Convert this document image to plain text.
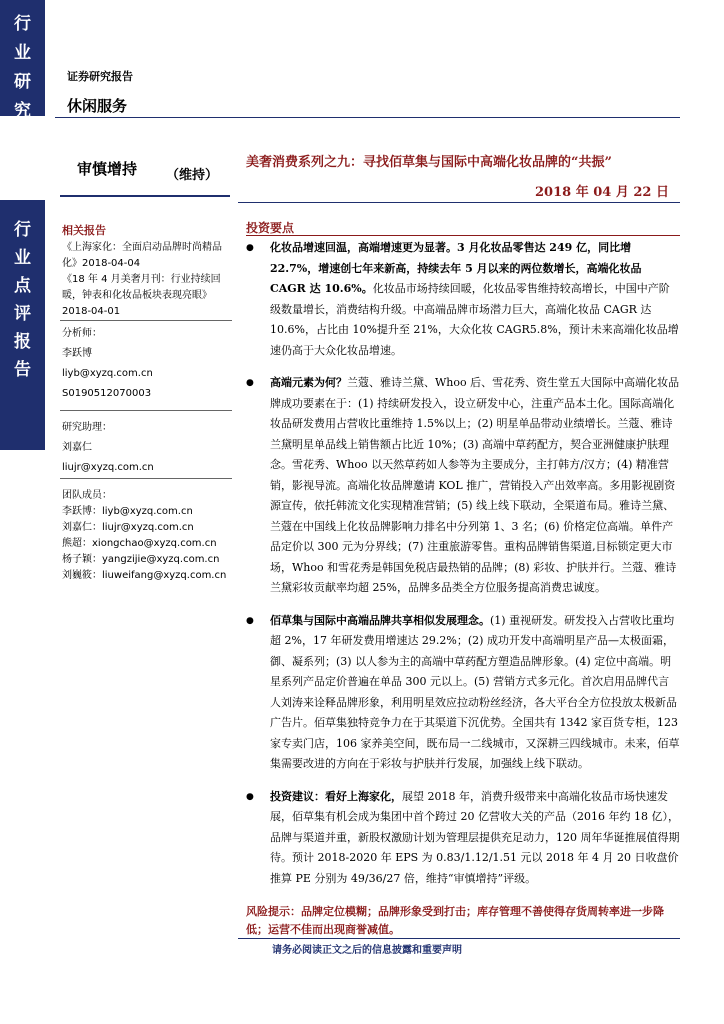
行
业
研
究
行
业
点
评
报
告
证券研究报告
休闲服务
审慎增持 （维持）
美奢消费系列之九：寻找佰草集与国际中高端化妆品牌的“共振”
2018 年 04 月 22 日
相关报告
《上海家化：全面启动品牌时尚精品化》2018-04-04
《18 年 4 月美奢月刊：行业持续回暖，钟表和化妆品板块表现亮眼》2018-04-01
分析师：
李跃博
liyb@xyzq.com.cn
S0190512070003
研究助理：
刘嘉仁
liujr@xyzq.com.cn
团队成员：
李跃博：liyb@xyzq.com.cn
刘嘉仁：liujr@xyzq.com.cn
熊超：xiongchao@xyzq.com.cn
杨子颖：yangzijie@xyzq.com.cn
刘巍筱：liuweifang@xyzq.com.cn
投资要点
● 化妆品增速回温，高端增速更为显著。3 月化妆品零售达 249 亿，同比增 22.7%，增速创七年来新高，持续去年 5 月以来的两位数增长，高端化妆品 CAGR 达 10.6%。化妆品市场持续回暖，化妆品零售维持较高增长，中国中产阶级数量增长，消费结构升级。中高端品牌市场潜力巨大，高端化妆品 CAGR 达 10.6%，占比由 10%提升至 21%，大众化妆 CAGR5.8%，预计未来高端化妆品增速仍高于大众化妆品增速。
● 高端元素为何？兰蔻、雅诗兰黛、Whoo 后、雪花秀、资生堂五大国际中高端化妆品牌成功要素在于：(1) 持续研发投入，设立研发中心，注重产品本土化。国际高端化妆品研发费用占营收比重维持 1.5%以上；(2) 明星单品带动业绩增长。兰蔻、雅诗兰黛明星单品线上销售额占比近 10%；(3) 高端中草药配方，契合亚洲健康护肤理念。雪花秀、Whoo 以天然草药如人参等为主要成分，主打韩方/汉方；(4) 精准营销，影视导流。高端化妆品牌邀请 KOL 推广，营销投入产出效率高。多用影视剧资源宣传，依托韩流文化实现精准营销；(5) 线上线下联动，全渠道布局。雅诗兰黛、兰蔻在中国线上化妆品牌影响力排名中分列第 1、3 名；(6) 价格定位高端。单件产品定价以 300 元为分界线；(7) 注重旅游零售。重构品牌销售渠道,目标锁定更大市场，Whoo 和雪花秀是韩国免税店最热销的品牌；(8) 彩妆、护肤并行。兰蔻、雅诗兰黛彩妆贡献率均超 25%，品牌多品类全方位服务提高消费忠诚度。
● 佰草集与国际中高端品牌共享相似发展理念。(1) 重视研发。研发投入占营收比重均超 2%，17 年研发费用增速达 29.2%；(2) 成功开发中高端明星产品—太极面霜，御、凝系列；(3) 以人参为主的高端中草药配方塑造品牌形象。(4) 定位中高端。明星系列产品定价普遍在单品 300 元以上。(5) 营销方式多元化。首次启用品牌代言人刘涛来诠释品牌形象，利用明星效应拉动粉丝经济，各大平台全方位投放太极新品广告片。佰草集独特竞争力在于其渠道下沉优势。全国共有 1342 家百货专柜，123 家专卖门店，106 家养美空间，既布局一二线城市，又深耕三四线城市。未来，佰草集需要改进的方向在于彩妆与护肤并行发展，加强线上线下联动。
● 投资建议：看好上海家化，展望 2018 年，消费升级带来中高端化妆品市场快速发展，佰草集有机会成为集团中首个跨过 20 亿营收大关的产品（2016 年约 18 亿），品牌与渠道并重，新股权激励计划为管理层提供充足动力，120 周年华诞推展值得期待。预计 2018-2020 年 EPS 为 0.83/1.12/1.51 元以 2018 年 4 月 20 日收盘价推算 PE 分别为 49/36/27 倍，维持“审慎增持”评级。
风险提示：品牌定位模糊；品牌形象受到打击；库存管理不善使得存货周转率进一步降低；运营不佳而出现商誉减值。
请务必阅读正文之后的信息披露和重要声明
